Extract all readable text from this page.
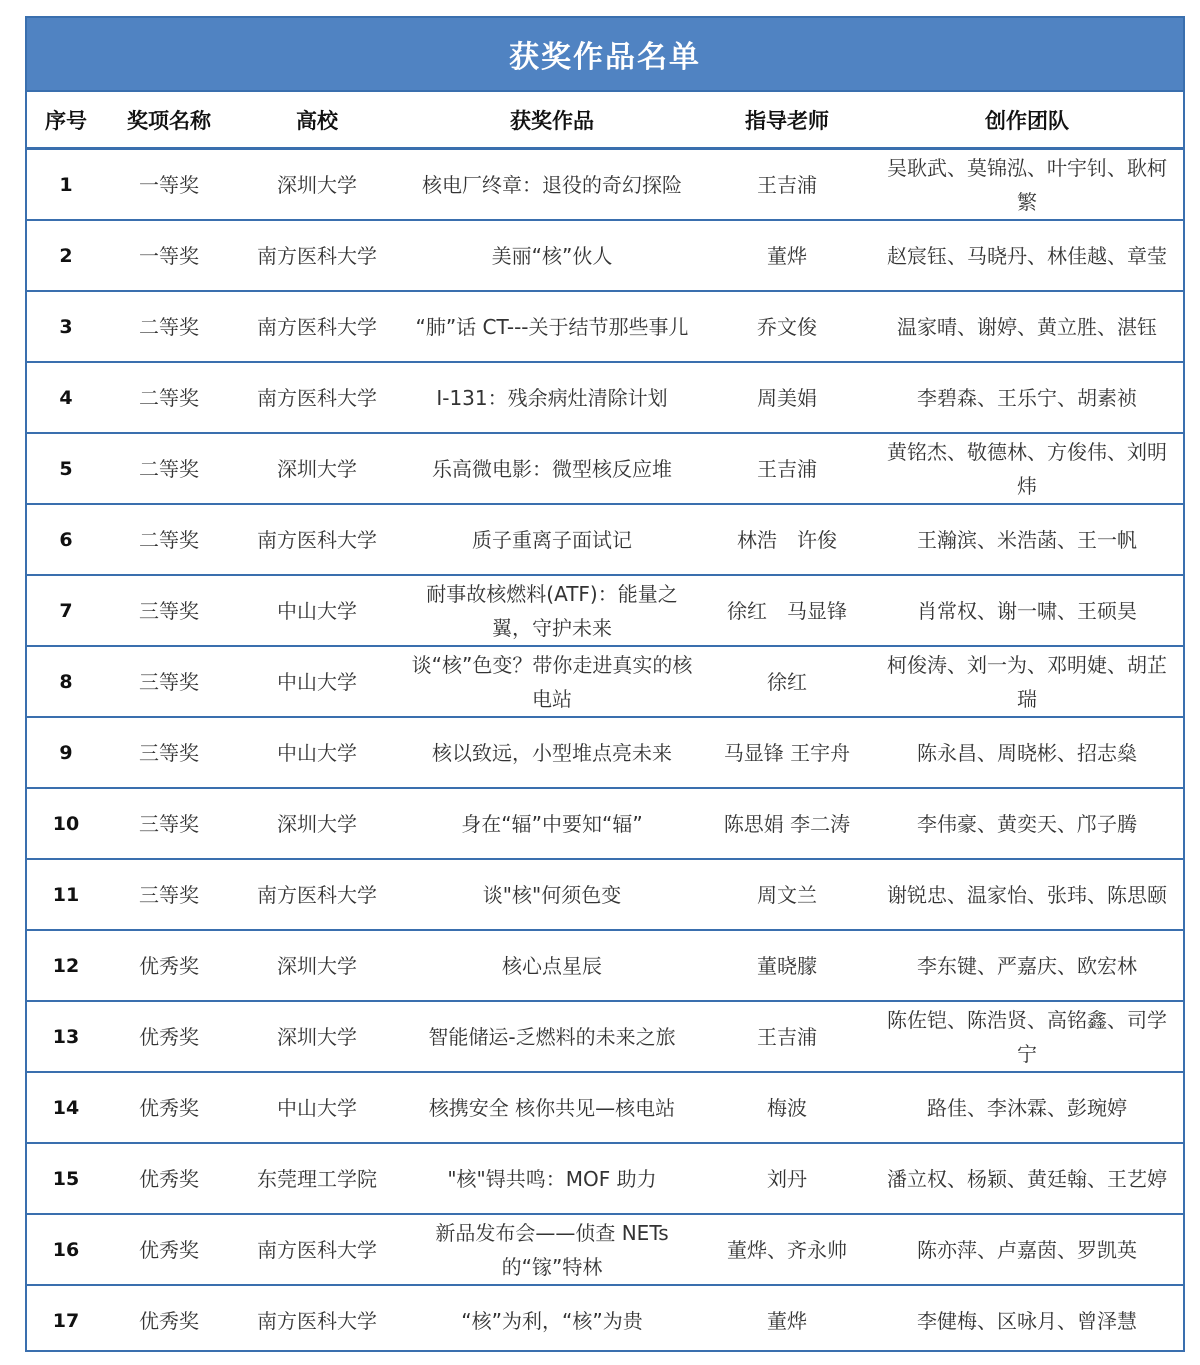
获奖作品名单
序号	奖项名称	高校	获奖作品	指导老师	创作团队
1	一等奖	深圳大学	核电厂终章：退役的奇幻探险	王吉浦	吴耿武、莫锦泓、叶宇钊、耿柯繁
2	一等奖	南方医科大学	美丽“核”伙人	董烨	赵宸钰、马晓丹、林佳越、章莹
3	二等奖	南方医科大学	“肺”话 CT---关于结节那些事儿	乔文俊	温家晴、谢婷、黄立胜、湛钰
4	二等奖	南方医科大学	I-131：残余病灶清除计划	周美娟	李碧森、王乐宁、胡素祯
5	二等奖	深圳大学	乐高微电影：微型核反应堆	王吉浦	黄铭杰、敬德林、方俊伟、刘明炜
6	二等奖	南方医科大学	质子重离子面试记	林浩　许俊	王瀚滨、米浩菡、王一帆
7	三等奖	中山大学	耐事故核燃料(ATF)：能量之翼，守护未来	徐红　马显锋	肖常权、谢一啸、王硕昊
8	三等奖	中山大学	谈“核”色变？带你走进真实的核电站	徐红	柯俊涛、刘一为、邓明婕、胡芷瑞
9	三等奖	中山大学	核以致远，小型堆点亮未来	马显锋 王宇舟	陈永昌、周晓彬、招志燊
10	三等奖	深圳大学	身在“辐”中要知“辐”	陈思娟 李二涛	李伟豪、黄奕天、邝子腾
11	三等奖	南方医科大学	谈"核"何须色变	周文兰	谢锐忠、温家怡、张玮、陈思颐
12	优秀奖	深圳大学	核心点星辰	董晓朦	李东键、严嘉庆、欧宏林
13	优秀奖	深圳大学	智能储运-乏燃料的未来之旅	王吉浦	陈佐铠、陈浩贤、高铭鑫、司学宁
14	优秀奖	中山大学	核携安全 核你共见—核电站	梅波	路佳、李沐霖、彭琬婷
15	优秀奖	东莞理工学院	"核"锝共鸣：MOF 助力	刘丹	潘立权、杨颖、黄廷翰、王艺婷
16	优秀奖	南方医科大学	新品发布会——侦查 NETs的“镓”特林	董烨、齐永帅	陈亦萍、卢嘉茵、罗凯英
17	优秀奖	南方医科大学	“核”为利，“核”为贵	董烨	李健梅、区咏月、曾泽慧
